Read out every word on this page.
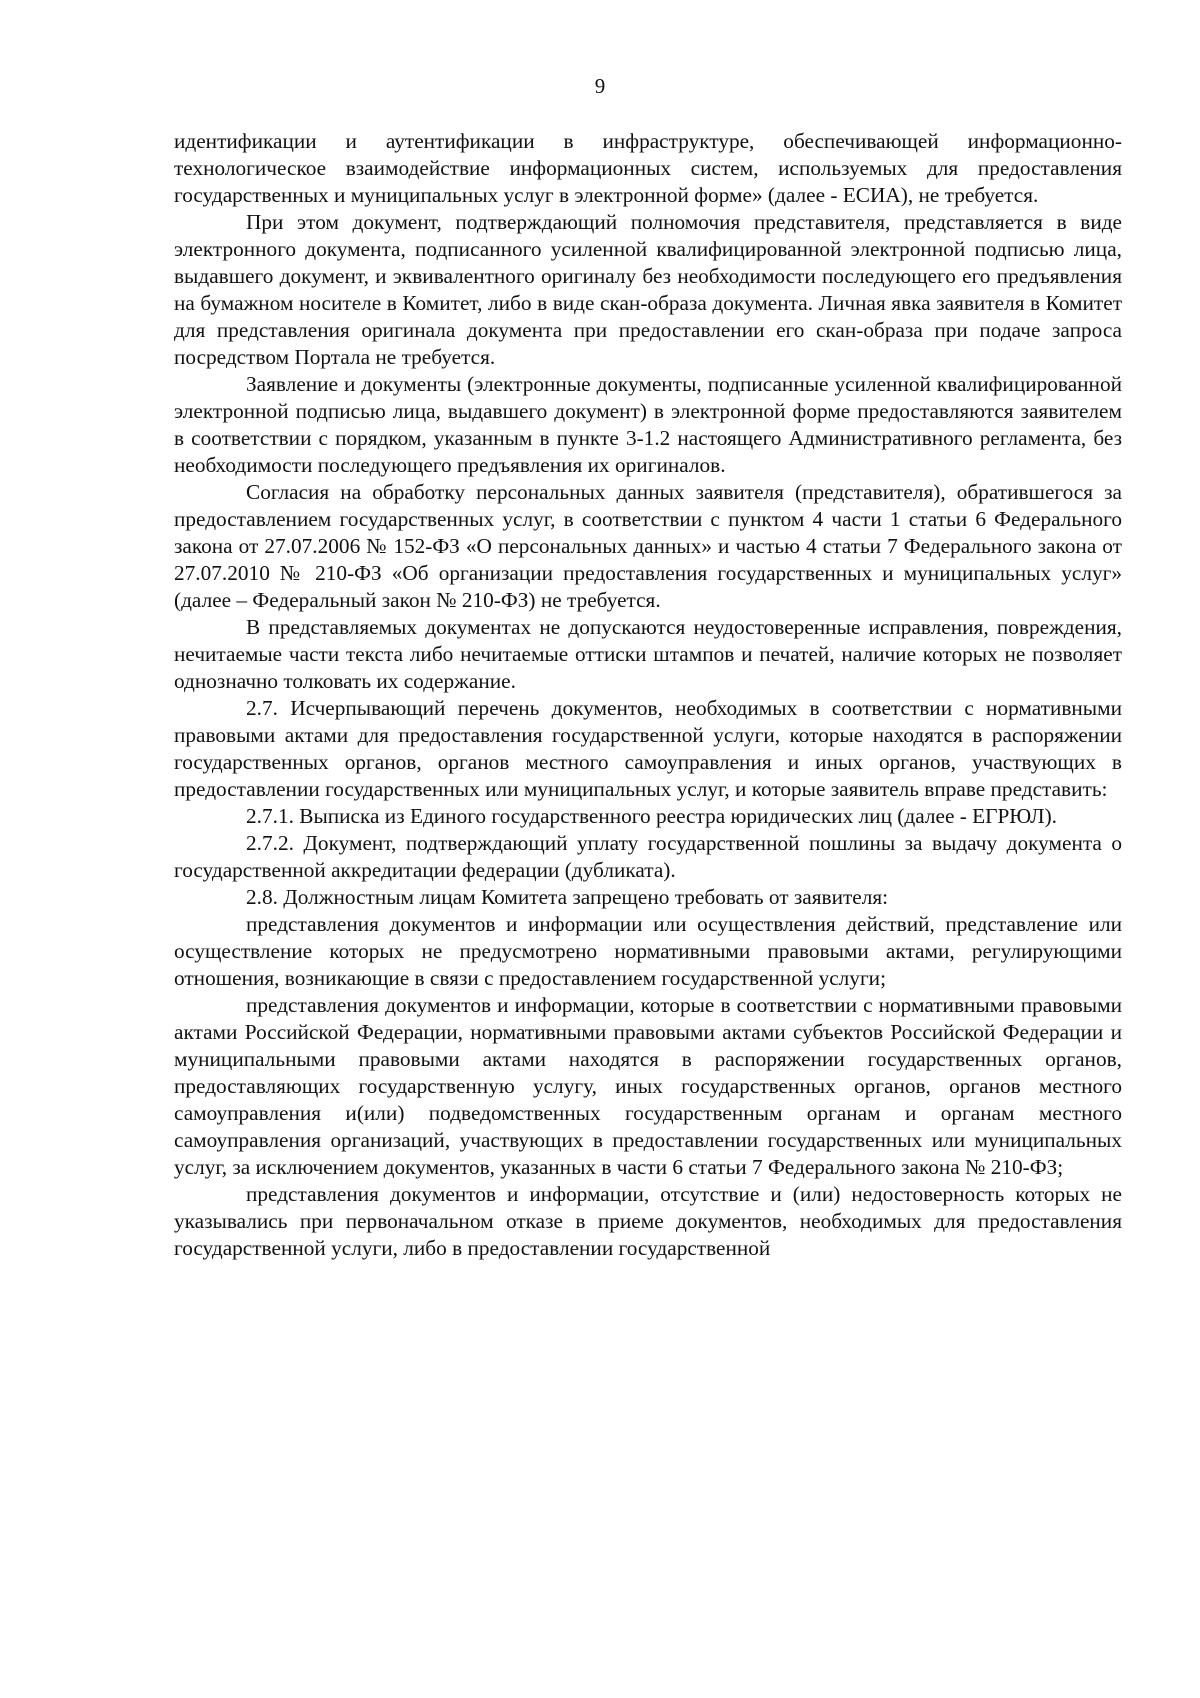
9

идентификации и аутентификации в инфраструктуре, обеспечивающей информационно-технологическое взаимодействие информационных систем, используемых для предоставления государственных и муниципальных услуг в электронной форме» (далее - ЕСИА), не требуется.

При этом документ, подтверждающий полномочия представителя, представляется в виде электронного документа, подписанного усиленной квалифицированной электронной подписью лица, выдавшего документ, и эквивалентного оригиналу без необходимости последующего его предъявления на бумажном носителе в Комитет, либо в виде скан-образа документа. Личная явка заявителя в Комитет для представления оригинала документа при предоставлении его скан-образа при подаче запроса посредством Портала не требуется.

Заявление и документы (электронные документы, подписанные усиленной квалифицированной электронной подписью лица, выдавшего документ) в электронной форме предоставляются заявителем в соответствии с порядком, указанным в пункте 3-1.2 настоящего Административного регламента, без необходимости последующего предъявления их оригиналов.

Согласия на обработку персональных данных заявителя (представителя), обратившегося за предоставлением государственных услуг, в соответствии с пунктом 4 части 1 статьи 6 Федерального закона от 27.07.2006 № 152-ФЗ «О персональных данных» и частью 4 статьи 7 Федерального закона от 27.07.2010 № 210-ФЗ «Об организации предоставления государственных и муниципальных услуг» (далее – Федеральный закон № 210-ФЗ) не требуется.

В представляемых документах не допускаются неудостоверенные исправления, повреждения, нечитаемые части текста либо нечитаемые оттиски штампов и печатей, наличие которых не позволяет однозначно толковать их содержание.

2.7. Исчерпывающий перечень документов, необходимых в соответствии с нормативными правовыми актами для предоставления государственной услуги, которые находятся в распоряжении государственных органов, органов местного самоуправления и иных органов, участвующих в предоставлении государственных или муниципальных услуг, и которые заявитель вправе представить:

2.7.1. Выписка из Единого государственного реестра юридических лиц (далее - ЕГРЮЛ).

2.7.2. Документ, подтверждающий уплату государственной пошлины за выдачу документа о государственной аккредитации федерации (дубликата).

2.8. Должностным лицам Комитета запрещено требовать от заявителя:

представления документов и информации или осуществления действий, представление или осуществление которых не предусмотрено нормативными правовыми актами, регулирующими отношения, возникающие в связи с предоставлением государственной услуги;

представления документов и информации, которые в соответствии с нормативными правовыми актами Российской Федерации, нормативными правовыми актами субъектов Российской Федерации и муниципальными правовыми актами находятся в распоряжении государственных органов, предоставляющих государственную услугу, иных государственных органов, органов местного самоуправления и(или) подведомственных государственным органам и органам местного самоуправления организаций, участвующих в предоставлении государственных или муниципальных услуг, за исключением документов, указанных в части 6 статьи 7 Федерального закона № 210-ФЗ;

представления документов и информации, отсутствие и (или) недостоверность которых не указывались при первоначальном отказе в приеме документов, необходимых для предоставления государственной услуги, либо в предоставлении государственной
